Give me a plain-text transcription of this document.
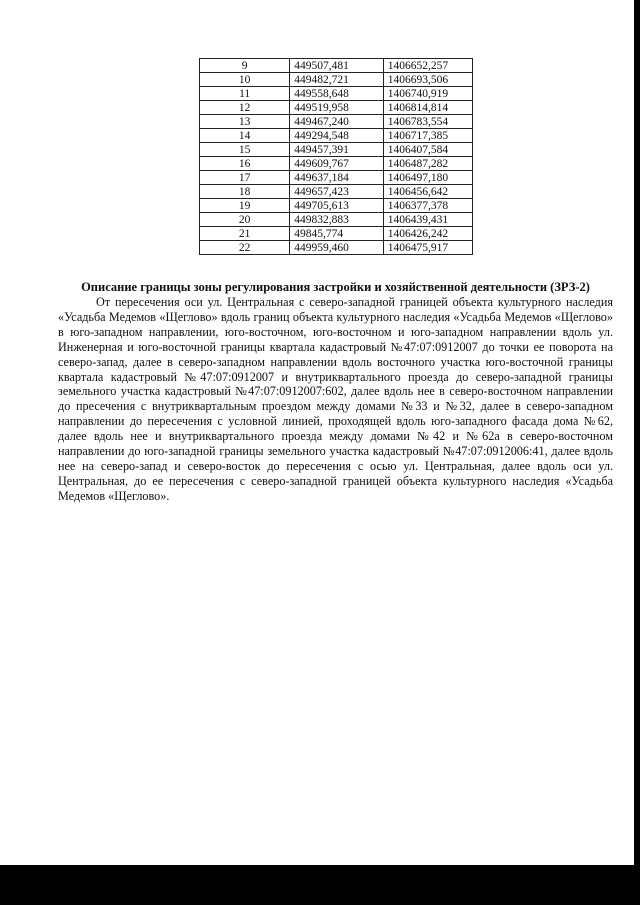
9	449507,481	1406652,257
10	449482,721	1406693,506
11	449558,648	1406740,919
12	449519,958	1406814,814
13	449467,240	1406783,554
14	449294,548	1406717,385
15	449457,391	1406407,584
16	449609,767	1406487,282
17	449637,184	1406497,180
18	449657,423	1406456,642
19	449705,613	1406377,378
20	449832,883	1406439,431
21	49845,774	1406426,242
22	449959,460	1406475,917

Описание границы зоны регулирования застройки и хозяйственной деятельности (ЗРЗ-2)

От пересечения оси ул. Центральная с северо-западной границей объекта культурного наследия «Усадьба Медемов «Щеглово» вдоль границ объекта культурного наследия «Усадьба Медемов «Щеглово» в юго-западном направлении, юго-восточном, юго-восточном и юго-западном направлении вдоль ул. Инженерная и юго-восточной границы квартала кадастровый №47:07:0912007 до точки ее поворота на северо-запад, далее в северо-западном направлении вдоль восточного участка юго-восточной границы квартала кадастровый №47:07:0912007 и внутриквартального проезда до северо-западной границы земельного участка кадастровый №47:07:0912007:602, далее вдоль нее в северо-восточном направлении до пресечения с внутриквартальным проездом между домами №33 и №32, далее в северо-западном направлении до пересечения с условной линией, проходящей вдоль юго-западного фасада дома №62, далее вдоль нее и внутриквартального проезда между домами №42 и №62а в северо-восточном направлении до юго-западной границы земельного участка кадастровый №47:07:0912006:41, далее вдоль нее на северо-запад и северо-восток до пересечения с осью ул. Центральная, далее вдоль оси ул. Центральная, до ее пересечения с северо-западной границей объекта культурного наследия «Усадьба Медемов «Щеглово».
